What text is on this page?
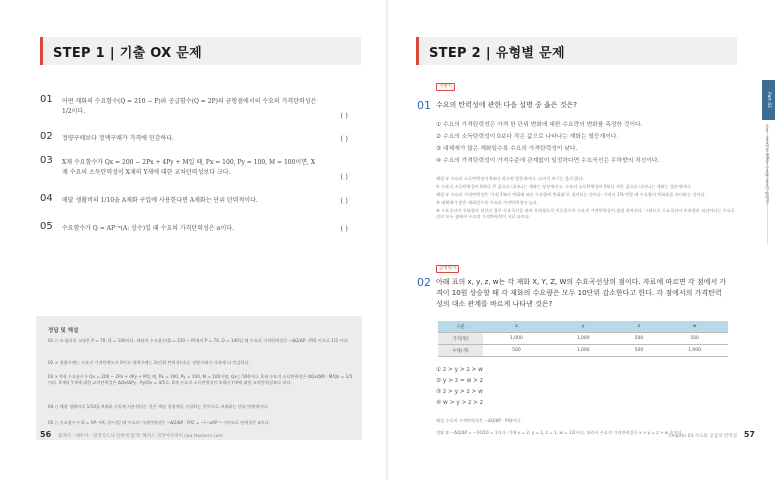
STEP 1 | 기출 OX 문제
01 어떤 재화의 수요함수(Q = 210 − P)와 공급함수(Q = 2P)의 균형점에서의 수요의 가격탄력성은 1/2이다.
( )
02 정량구매보다 정액구매가 가격에 민감하다.	( )
03 X재 수요함수가 Qx = 200 − 2Px + 4Py + M일 때, Px = 100, Py = 100, M = 100이면, X재 수요의 소득탄력성이 X재의 Y재에 대한 교차탄력성보다 크다.
( )
04 매달 생활비의 1/10을 A재화 구입에 사용한다면 A재화는 단위 탄력적이다.	( )
05 수요함수가 Q = AP⁻ᵅ(A: 상수)일 때 수요의 가격탄력성은 α이다.	( )
정답 및 해설
01 ○ ⊙ 협의의 교형은 P = 70, Q = 140이다. 재화의 수요함수(Q = 210 − P)에서 P = 70, Q = 140일 때 수요의 가격탄력성은 −ΔQ/ΔP · P/Q 이므로 1/2 이다.
02 × 정량구매는 수요의 가격탄력도가 0이고 정액구매는 1(단위 탄력적)이다. 정량구매가 가격에 더 민감하다.
03 × X재 수요함수가 Qx = 200 − 2Px + 4Py + M일 때, Px = 100, Py = 100, M = 100이면, Qx는 500이다. X재 수요의 소득탄력성은 ΔQx/ΔM · M/Qx = 1/5이다. X재의 Y재에 대한 교차탄력성은 ΔQx/ΔPy · Py/Qx = 4/5로, X재 수요의 소득탄력성이 X재의 Y재에 대한 교차탄력성보다 작다.
04 ○ 매달 생활비의 1/10을 A재화 구입에 사용한다는 것은 매달 일정액을 구입하는 것이므로, A재화는 단위 탄력적이다.
05 ○ 수요함수가 Q = AP⁻ᵅ(A: 상수)일 때 수요의 가격탄력성은 −ΔQ/ΔP · P/Q = −(−αAP⁻ᵅ⁻¹)이므로 탄력성은 α이다.
56 회계사 · 세무사 · 경영지도사 단번에 합격! 해커스 경영아카데미 cpa.Hackers.com
STEP 2 | 유형별 문제
지방직
01 수요의 탄력성에 관한 다음 설명 중 옳은 것은?
① 수요의 가격탄력성은 가격 한 단위 변화에 대한 수요량의 변화를 측정한 것이다.
② 수요의 소득탄력성이 0보다 작은 값으로 나타나는 재화는 열등재이다.
③ 대체재가 많은 재화일수록 수요의 가격탄력성이 낮다.
④ 수요의 가격탄력성이 가격수준에 관계없이 일정하다면 수요곡선은 우하향의 직선이다.
해설 ① 수요의 소득탄력성이 0보다 작으면 열등재이다. 나머지 보기는 옳지 않다.
① 수요의 소득탄력성이 0보다 큰 값으로 나타나는 재화는 정상재이고, 수요의 소득탄력성이 0보다 작은 값으로 나타나는 재화는 열등재이다.
해설 ① 수요의 가격탄력성은 '가격 1%의 변화에 따른 수요량의 변화율'로 정의되는 것이다. 가격이 1% 변할 때 수요량의 변화율을 의미하는 것이다.
③ 대체재가 많은 재화일수록 수요의 가격탄력성이 높다.
④ 수요곡선이 우하향의 직선인 경우 수요곡선을 따라 우하향으로 이동할수록 수요의 가격탄력성이 점점 작아진다. 그러므로 수요곡선이 우하향의 직선이라는 수요곡선의 모든 점에서 수요의 가격탄력성이 서로 다르다.
감정평가
02 아래 표의 x, y, z, w는 각 재화 X, Y, Z, W의 수요곡선상의 점이다. 자료에 따르면 각 점에서 가격이 10원 상승할 때 각 재화의 수요량은 모두 10단위 감소한다고 한다. 각 점에서의 가격탄력성의 대소 관계를 바르게 나타낸 것은?
구분	x	y	z	w
가격(원)	1,000	1,000	500	500
수량(개)	500	1,000	500	1,000
① z > y > z > w
② y > z = w > z
③ z > y > z > w
④ w > y > z > z
해설 수요의 가격탄력성은 −ΔQ/ΔP · P/Q이다.
정답 ③ −ΔQ/ΔP = −10/10 = 1이다. 이때 x = 2, y = 1, z = 1, w = 1/2이다. 따라서 수요의 가격탄력성은 x > y = z > w 순이다.
Part 02
수요 · 공급이론 제6장 수요와 공급의 탄력성
Chapter 03 수요와 공급의 탄력성 57
